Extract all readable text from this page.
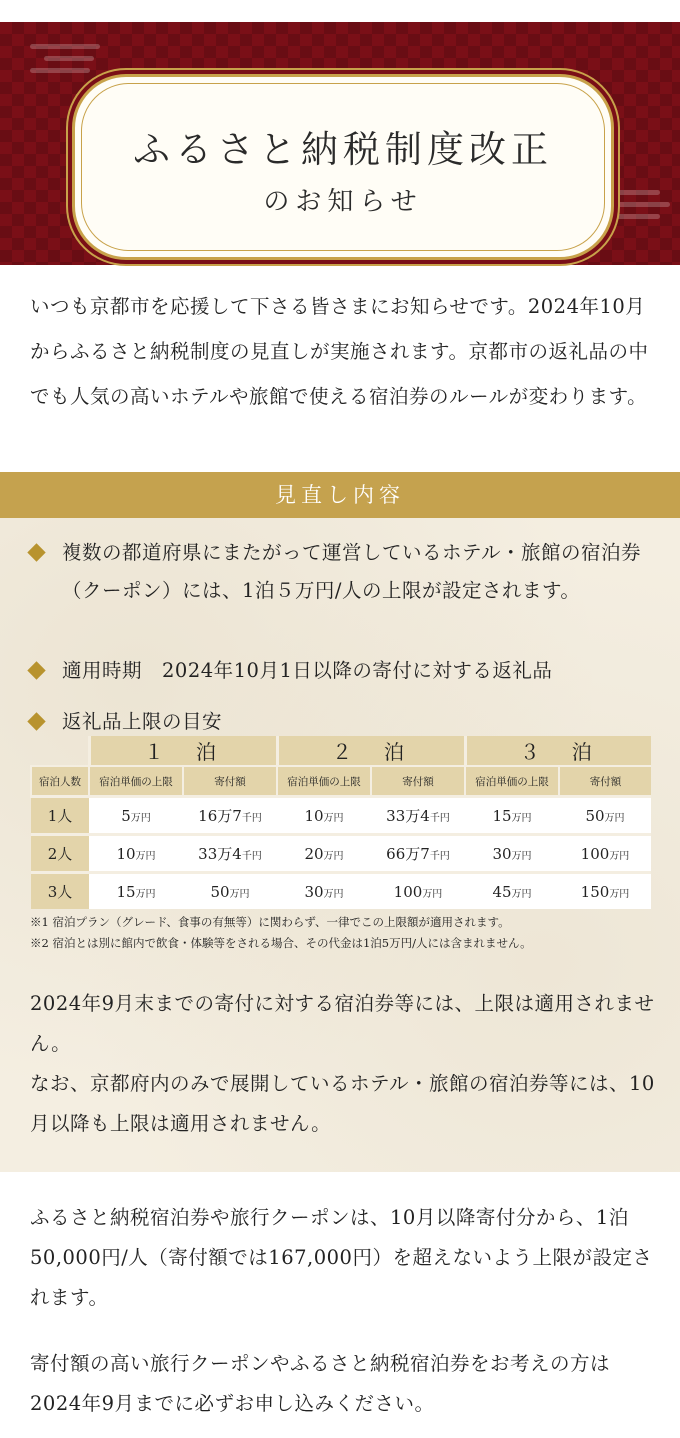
ふるさと納税制度改正
のお知らせ
いつも京都市を応援して下さる皆さまにお知らせです。2024年10月からふるさと納税制度の見直しが実施されます。京都市の返礼品の中でも人気の高いホテルや旅館で使える宿泊券のルールが変わります。
見直し内容
複数の都道府県にまたがって運営しているホテル・旅館の宿泊券（クーポン）には、1泊５万円/人の上限が設定されます。
適用時期　2024年10月1日以降の寄付に対する返礼品
返礼品上限の目安
	１　泊		２　泊		３　泊	
宿泊人数	宿泊単価の上限	寄付額	宿泊単価の上限	寄付額	宿泊単価の上限	寄付額
1人	5万円	16万7千円	10万円	33万4千円	15万円	50万円
2人	10万円	33万4千円	20万円	66万7千円	30万円	100万円
3人	15万円	50万円	30万円	100万円	45万円	150万円
※1 宿泊プラン（グレード、食事の有無等）に関わらず、一律でこの上限額が適用されます。
※2 宿泊とは別に館内で飲食・体験等をされる場合、その代金は1泊5万円/人には含まれません。
2024年9月末までの寄付に対する宿泊券等には、上限は適用されません。
なお、京都府内のみで展開しているホテル・旅館の宿泊券等には、10月以降も上限は適用されません。
ふるさと納税宿泊券や旅行クーポンは、10月以降寄付分から、1泊50,000円/人（寄付額では167,000円）を超えないよう上限が設定されます。
寄付額の高い旅行クーポンやふるさと納税宿泊券をお考えの方は2024年9月までに必ずお申し込みください。
